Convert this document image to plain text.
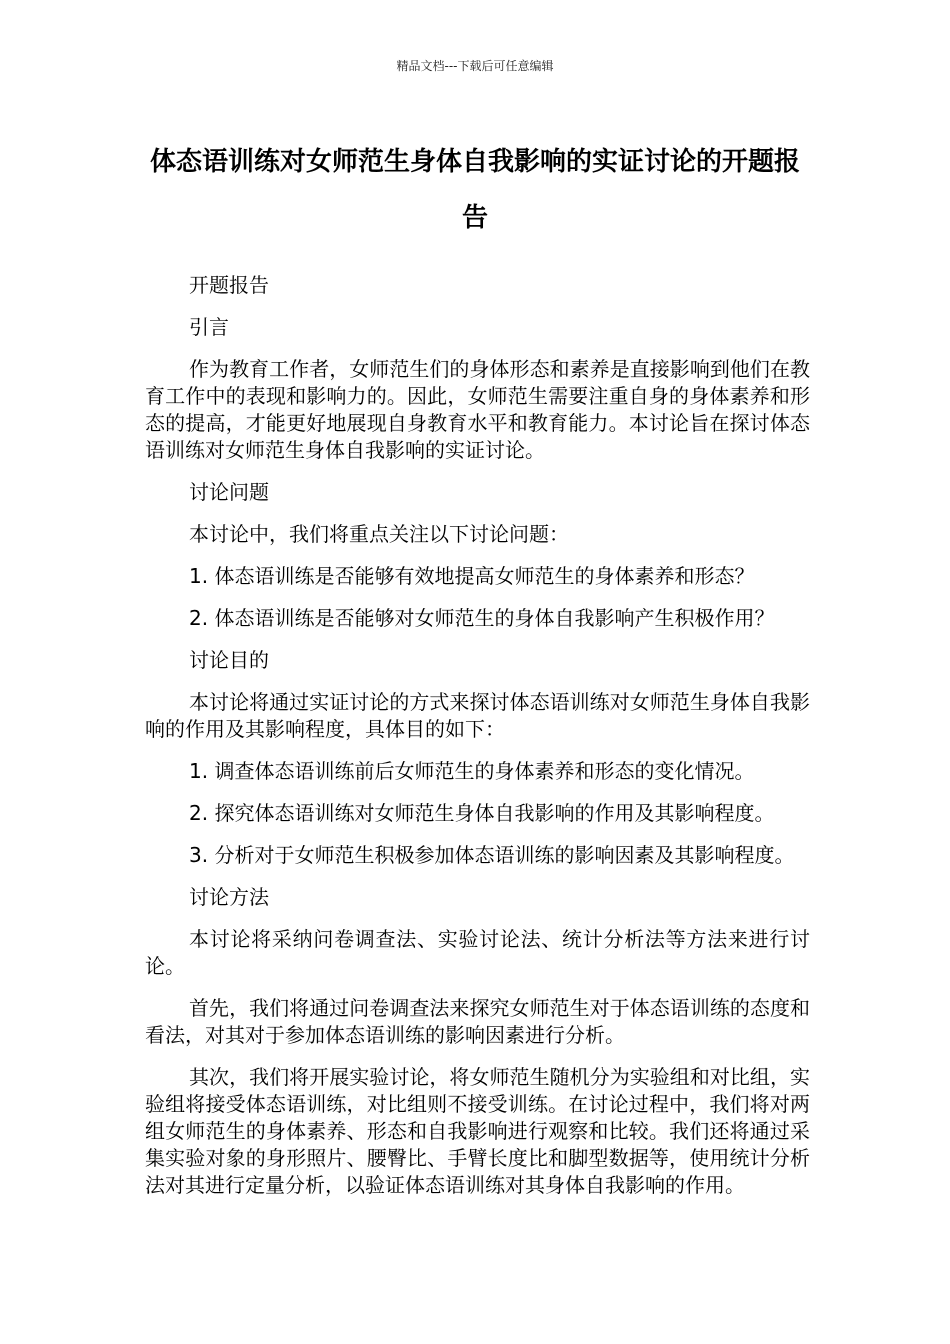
精品文档---下载后可任意编辑
体态语训练对女师范生身体自我影响的实证讨论的开题报告
开题报告
引言
作为教育工作者，女师范生们的身体形态和素养是直接影响到他们在教育工作中的表现和影响力的。因此，女师范生需要注重自身的身体素养和形态的提高，才能更好地展现自身教育水平和教育能力。本讨论旨在探讨体态语训练对女师范生身体自我影响的实证讨论。
讨论问题
本讨论中，我们将重点关注以下讨论问题：
1. 体态语训练是否能够有效地提高女师范生的身体素养和形态？
2. 体态语训练是否能够对女师范生的身体自我影响产生积极作用？
讨论目的
本讨论将通过实证讨论的方式来探讨体态语训练对女师范生身体自我影响的作用及其影响程度，具体目的如下：
1. 调查体态语训练前后女师范生的身体素养和形态的变化情况。
2. 探究体态语训练对女师范生身体自我影响的作用及其影响程度。
3. 分析对于女师范生积极参加体态语训练的影响因素及其影响程度。
讨论方法
本讨论将采纳问卷调查法、实验讨论法、统计分析法等方法来进行讨论。
首先，我们将通过问卷调查法来探究女师范生对于体态语训练的态度和看法，对其对于参加体态语训练的影响因素进行分析。
其次，我们将开展实验讨论，将女师范生随机分为实验组和对比组，实验组将接受体态语训练，对比组则不接受训练。在讨论过程中，我们将对两组女师范生的身体素养、形态和自我影响进行观察和比较。我们还将通过采集实验对象的身形照片、腰臀比、手臂长度比和脚型数据等，使用统计分析法对其进行定量分析，以验证体态语训练对其身体自我影响的作用。
